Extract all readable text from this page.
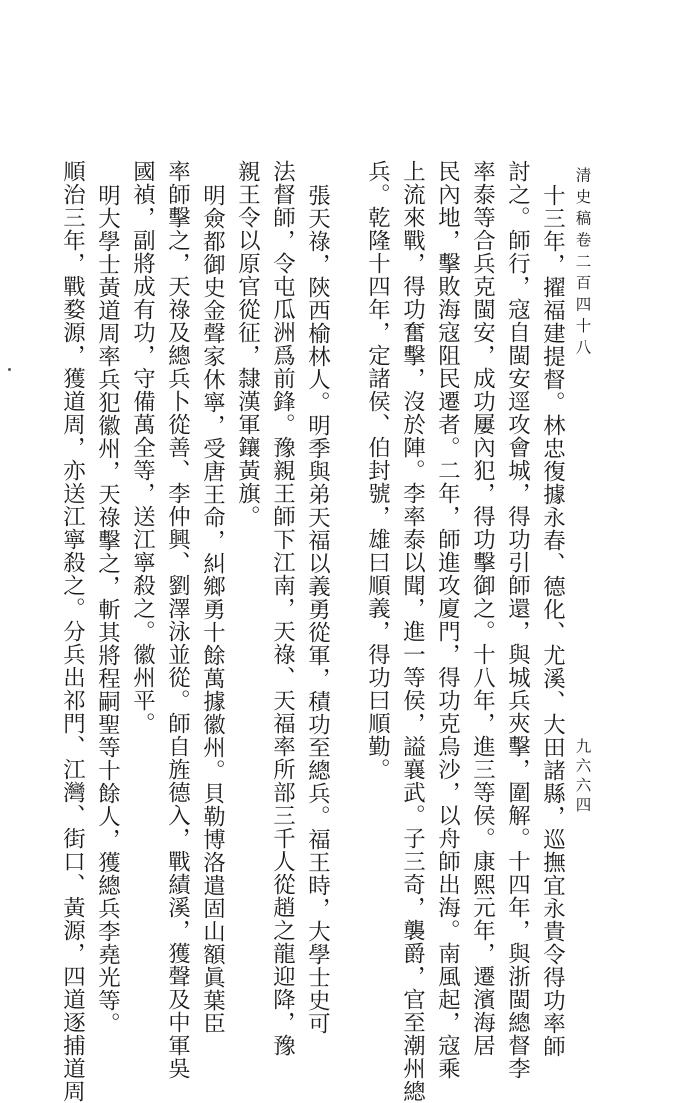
清史稿卷二百四十八
九六六四
十三年，擢福建提督。林忠復據永春、德化、尤溪、大田諸縣，巡撫宜永貴令得功率師
討之。師行，寇自閩安逕攻會城，得功引師還，與城兵夾擊，圍解。十四年，與浙閩總督李
率泰等合兵克閩安，成功屢內犯，得功擊御之。十八年，進三等侯。康熙元年，遷濱海居
民內地，擊敗海寇阻民遷者。二年，師進攻廈門，得功克烏沙，以舟師出海。南風起，寇乘
上流來戰，得功奮擊，沒於陣。李率泰以聞，進一等侯，謚襄武。子三奇，襲爵，官至潮州總
兵。乾隆十四年，定諸侯、伯封號，雄曰順義，得功曰順勤。
張天祿，陝西榆林人。明季與弟天福以義勇從軍，積功至總兵。福王時，大學士史可
法督師，令屯瓜洲爲前鋒。豫親王師下江南，天祿、天福率所部三千人從趙之龍迎降，豫
親王令以原官從征，隸漢軍鑲黃旗。
明僉都御史金聲家休寧，受唐王命，糾鄉勇十餘萬據徽州。貝勒博洛遣固山額眞葉臣
率師擊之，天祿及總兵卜從善、李仲興、劉澤泳並從。師自旌德入，戰績溪，獲聲及中軍吳
國禎，副將成有功，守備萬全等，送江寧殺之。徽州平。
明大學士黃道周率兵犯徽州，天祿擊之，斬其將程嗣聖等十餘人，獲總兵李堯光等。
順治三年，戰婺源，獲道周，亦送江寧殺之。分兵出祁門、江灣、街口、黃源，四道逐捕道周
